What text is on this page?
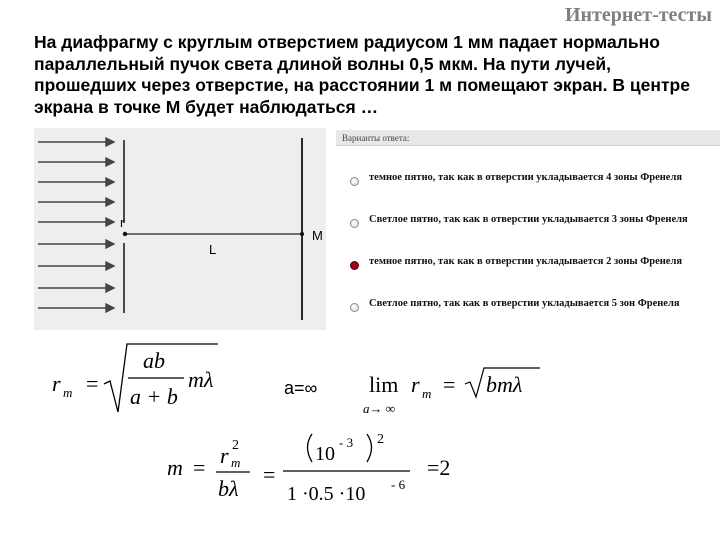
Интернет-тесты
На диафрагму с круглым отверстием радиусом 1 мм падает нормально параллельный пучок света длиной волны 0,5 мкм. На пути лучей, прошедших через отверстие, на расстоянии 1 м помещают экран. В центре экрана в точке М будет наблюдаться …
r
L
M
Варианты ответа:
темное пятно, так как в отверстии укладывается 4 зоны Френеля
Светлое пятно, так как в отверстии укладывается 3 зоны Френеля
темное пятно, так как в отверстии укладывается 2 зоны Френеля
Светлое пятно, так как в отверстии укладывается 5 зон Френеля
r m =
ab
a + b
mλ	a=∞ lim
a→ ∞
r m = bmλ
m = r m
2
bλ
=
10
- 3 2
1 ·0.5 ·10 - 6
=2
